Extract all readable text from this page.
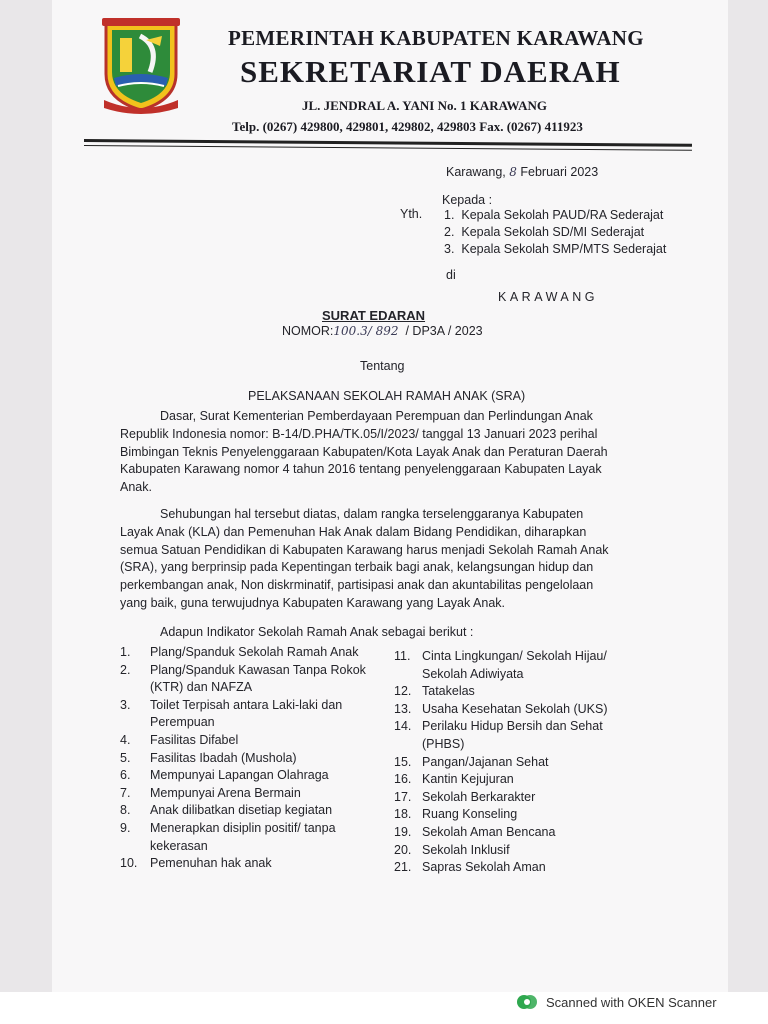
PEMERINTAH KABUPATEN KARAWANG
SEKRETARIAT DAERAH
JL. JENDRAL A. YANI No. 1 KARAWANG
Telp. (0267) 429800, 429801, 429802, 429803 Fax. (0267) 411923
Karawang, 8 Februari 2023
Kepada :
Yth. 1. Kepala Sekolah PAUD/RA Sederajat
2. Kepala Sekolah SD/MI Sederajat
3. Kepala Sekolah SMP/MTS Sederajat
di
KARAWANG
SURAT EDARAN
NOMOR:100.3/ 892 / DP3A / 2023
Tentang
PELAKSANAAN SEKOLAH RAMAH ANAK (SRA)
Dasar, Surat Kementerian Pemberdayaan Perempuan dan Perlindungan Anak
Republik Indonesia nomor: B-14/D.PHA/TK.05/I/2023/ tanggal 13 Januari 2023 perihal
Bimbingan Teknis Penyelenggaraan Kabupaten/Kota Layak Anak dan Peraturan Daerah
Kabupaten Karawang nomor 4 tahun 2016 tentang penyelenggaraan Kabupaten Layak
Anak.
Sehubungan hal tersebut diatas, dalam rangka terselenggaranya Kabupaten
Layak Anak (KLA) dan Pemenuhan Hak Anak dalam Bidang Pendidikan, diharapkan
semua Satuan Pendidikan di Kabupaten Karawang harus menjadi Sekolah Ramah Anak
(SRA), yang berprinsip pada Kepentingan terbaik bagi anak, kelangsungan hidup dan
perkembangan anak, Non diskrminatif, partisipasi anak dan akuntabilitas pengelolaan
yang baik, guna terwujudnya Kabupaten Karawang yang Layak Anak.
Adapun Indikator Sekolah Ramah Anak sebagai berikut :
1.	Plang/Spanduk Sekolah Ramah Anak
2.	Plang/Spanduk Kawasan Tanpa Rokok
(KTR) dan NAFZA
3.	Toilet Terpisah antara Laki-laki dan
Perempuan
4.	Fasilitas Difabel
5.	Fasilitas Ibadah (Mushola)
6.	Mempunyai Lapangan Olahraga
7.	Mempunyai Arena Bermain
8.	Anak dilibatkan disetiap kegiatan
9.	Menerapkan disiplin positif/ tanpa
kekerasan
10.	Pemenuhan hak anak
11. Cinta Lingkungan/ Sekolah Hijau/
Sekolah Adiwiyata
12. Tatakelas
13. Usaha Kesehatan Sekolah (UKS)
14. Perilaku Hidup Bersih dan Sehat
(PHBS)
15. Pangan/Jajanan Sehat
16. Kantin Kejujuran
17. Sekolah Berkarakter
18. Ruang Konseling
19. Sekolah Aman Bencana
20. Sekolah Inklusif
21. Sapras Sekolah Aman
Scanned with OKEN Scanner
